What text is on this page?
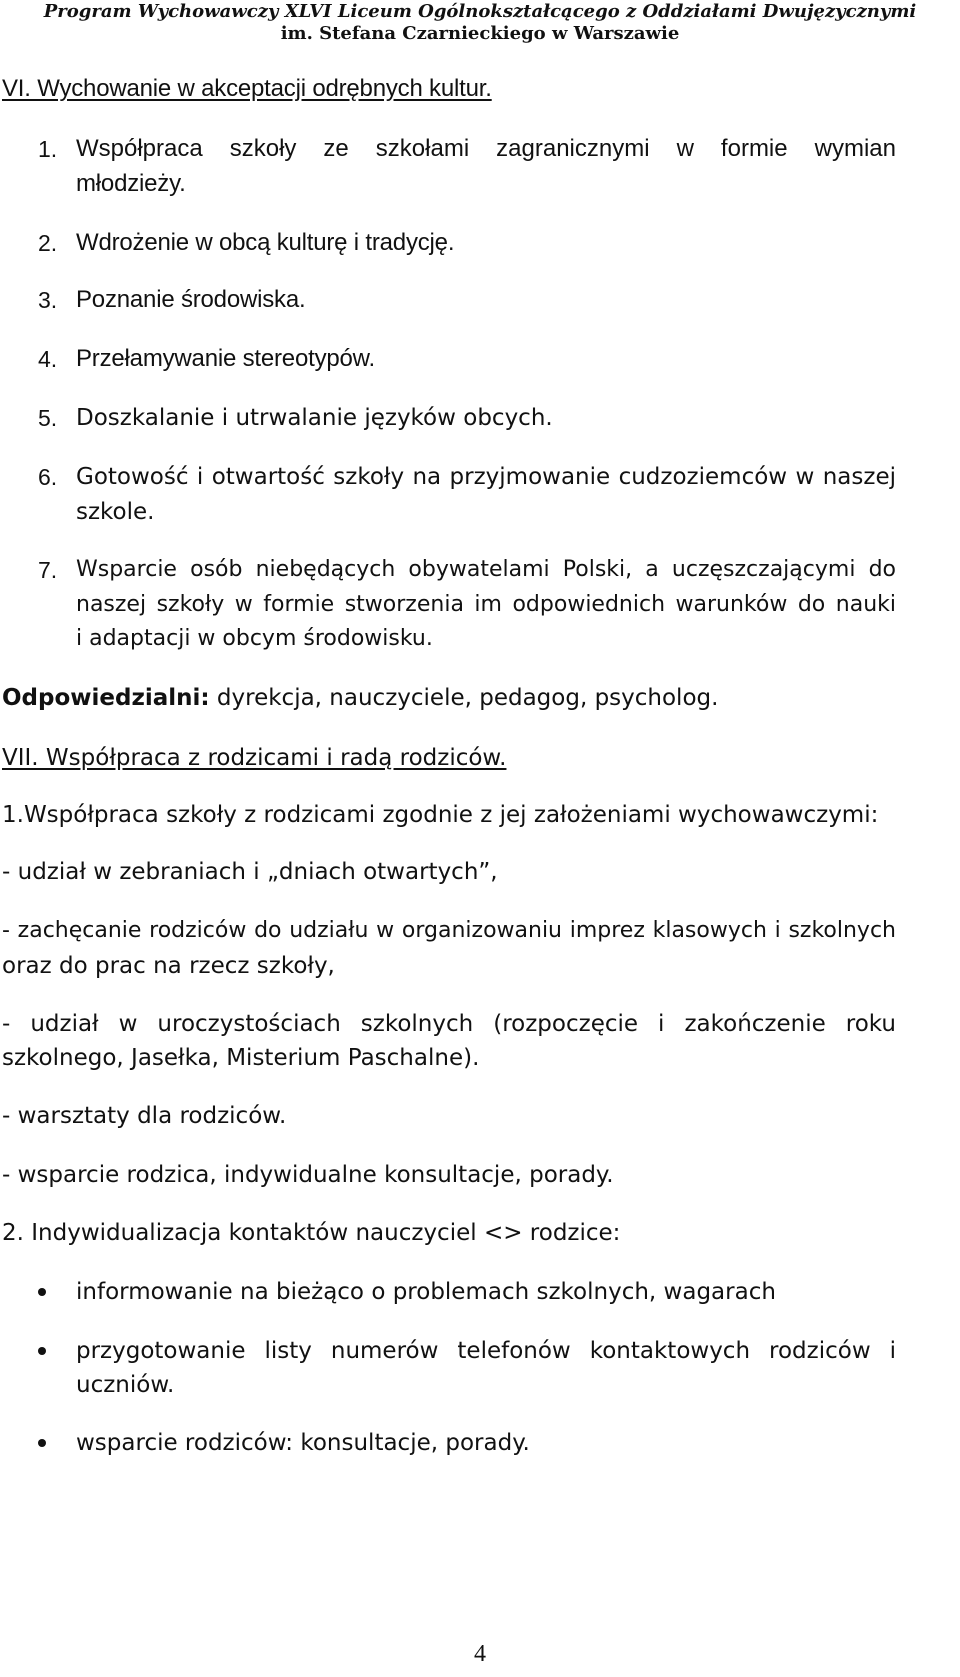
Program Wychowawczy XLVI Liceum Ogólnokształcącego z Oddziałami Dwujęzycznymi
im. Stefana Czarnieckiego w Warszawie
VI. Wychowanie w akceptacji odrębnych kultur.
1. Współpraca szkoły ze szkołami zagranicznymi w formie wymian
młodzieży.
2. Wdrożenie w obcą kulturę i tradycję.
3. Poznanie środowiska.
4. Przełamywanie stereotypów.
5. Doszkalanie i utrwalanie języków obcych.
6. Gotowość i otwartość szkoły na przyjmowanie cudzoziemców w naszej
szkole.
7. Wsparcie osób niebędących obywatelami Polski, a uczęszczającymi do
naszej szkoły w formie stworzenia im odpowiednich warunków do nauki
i adaptacji w obcym środowisku.
Odpowiedzialni: dyrekcja, nauczyciele, pedagog, psycholog.
VII. Współpraca z rodzicami i radą rodziców.
1.Współpraca szkoły z rodzicami zgodnie z jej założeniami wychowawczymi:
- udział w zebraniach i „dniach otwartych”,
- zachęcanie rodziców do udziału w organizowaniu imprez klasowych i szkolnych
oraz do prac na rzecz szkoły,
- udział w uroczystościach szkolnych (rozpoczęcie i zakończenie roku
szkolnego, Jasełka, Misterium Paschalne).
- warsztaty dla rodziców.
- wsparcie rodzica, indywidualne konsultacje, porady.
2. Indywidualizacja kontaktów nauczyciel <> rodzice:
informowanie na bieżąco o problemach szkolnych, wagarach
przygotowanie listy numerów telefonów kontaktowych rodziców i
uczniów.
wsparcie rodziców: konsultacje, porady.
4
